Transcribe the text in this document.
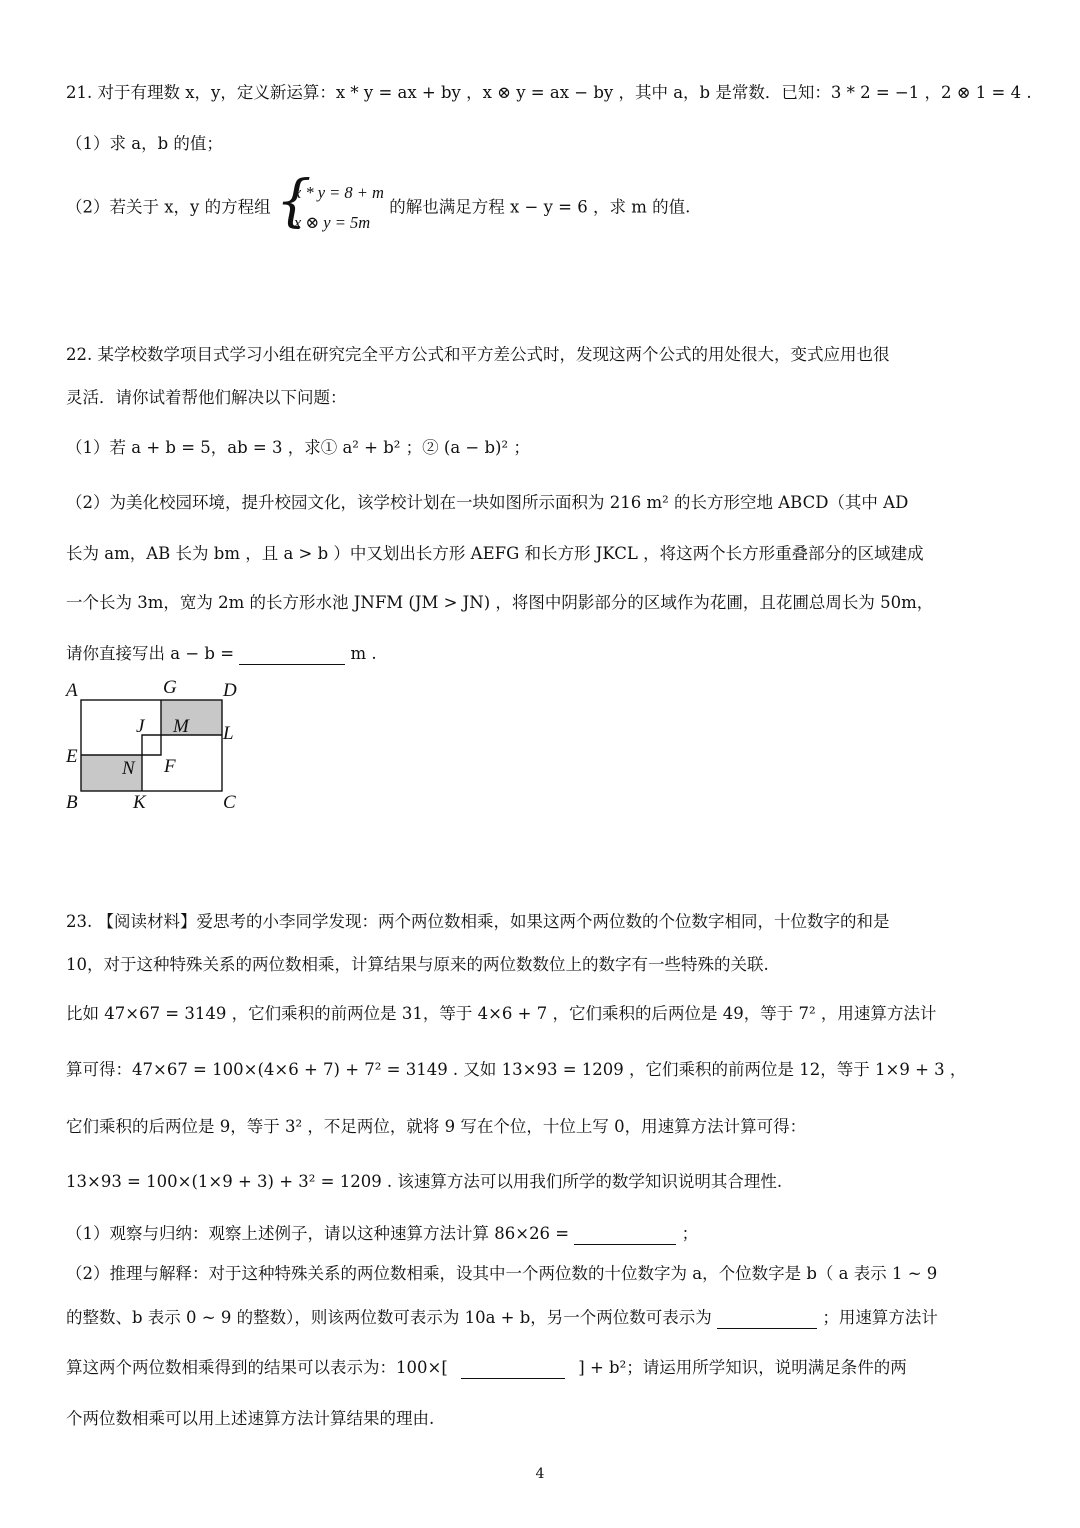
21. 对于有理数 x，y，定义新运算：x * y = ax + by ，x ⊗ y = ax − by ，其中 a，b 是常数．已知：3 * 2 = −1 ，2 ⊗ 1 = 4 .
（1）求 a，b 的值；
（2）若关于 x，y 的方程组 {
x * y = 8 + m
x ⊗ y = 5m
的解也满足方程 x − y = 6 ，求 m 的值.
22. 某学校数学项目式学习小组在研究完全平方公式和平方差公式时，发现这两个公式的用处很大，变式应用也很
灵活．请你试着帮他们解决以下问题：
（1）若 a + b = 5，ab = 3 ，求① a² + b² ；② (a − b)² ；
（2）为美化校园环境，提升校园文化，该学校计划在一块如图所示面积为 216 m² 的长方形空地 ABCD（其中 AD
长为 am，AB 长为 bm ，且 a > b ）中又划出长方形 AEFG 和长方形 JKCL ，将这两个长方形重叠部分的区域建成
一个长为 3m，宽为 2m 的长方形水池 JNFM (JM > JN) ，将图中阴影部分的区域作为花圃，且花圃总周长为 50m，
请你直接写出 a − b =	m .
A	G D
J M L
E
N F
B	K	C
23. 【阅读材料】爱思考的小李同学发现：两个两位数相乘，如果这两个两位数的个位数字相同，十位数字的和是
10，对于这种特殊关系的两位数相乘，计算结果与原来的两位数数位上的数字有一些特殊的关联.
比如 47×67 = 3149 ，它们乘积的前两位是 31，等于 4×6 + 7 ，它们乘积的后两位是 49，等于 7² ，用速算方法计
算可得：47×67 = 100×(4×6 + 7) + 7² = 3149 . 又如 13×93 = 1209 ，它们乘积的前两位是 12，等于 1×9 + 3 ，
它们乘积的后两位是 9，等于 3² ，不足两位，就将 9 写在个位，十位上写 0，用速算方法计算可得：
13×93 = 100×(1×9 + 3) + 3² = 1209 . 该速算方法可以用我们所学的数学知识说明其合理性.
（1）观察与归纳：观察上述例子，请以这种速算方法计算 86×26 =	；
（2）推理与解释：对于这种特殊关系的两位数相乘，设其中一个两位数的十位数字为 a，个位数字是 b（ a 表示 1 ~ 9
的整数、b 表示 0 ~ 9 的整数），则该两位数可表示为 10a + b，另一个两位数可表示为	；用速算方法计
算这两个两位数相乘得到的结果可以表示为：100×[	] + b²；请运用所学知识，说明满足条件的两
个两位数相乘可以用上述速算方法计算结果的理由.
4
